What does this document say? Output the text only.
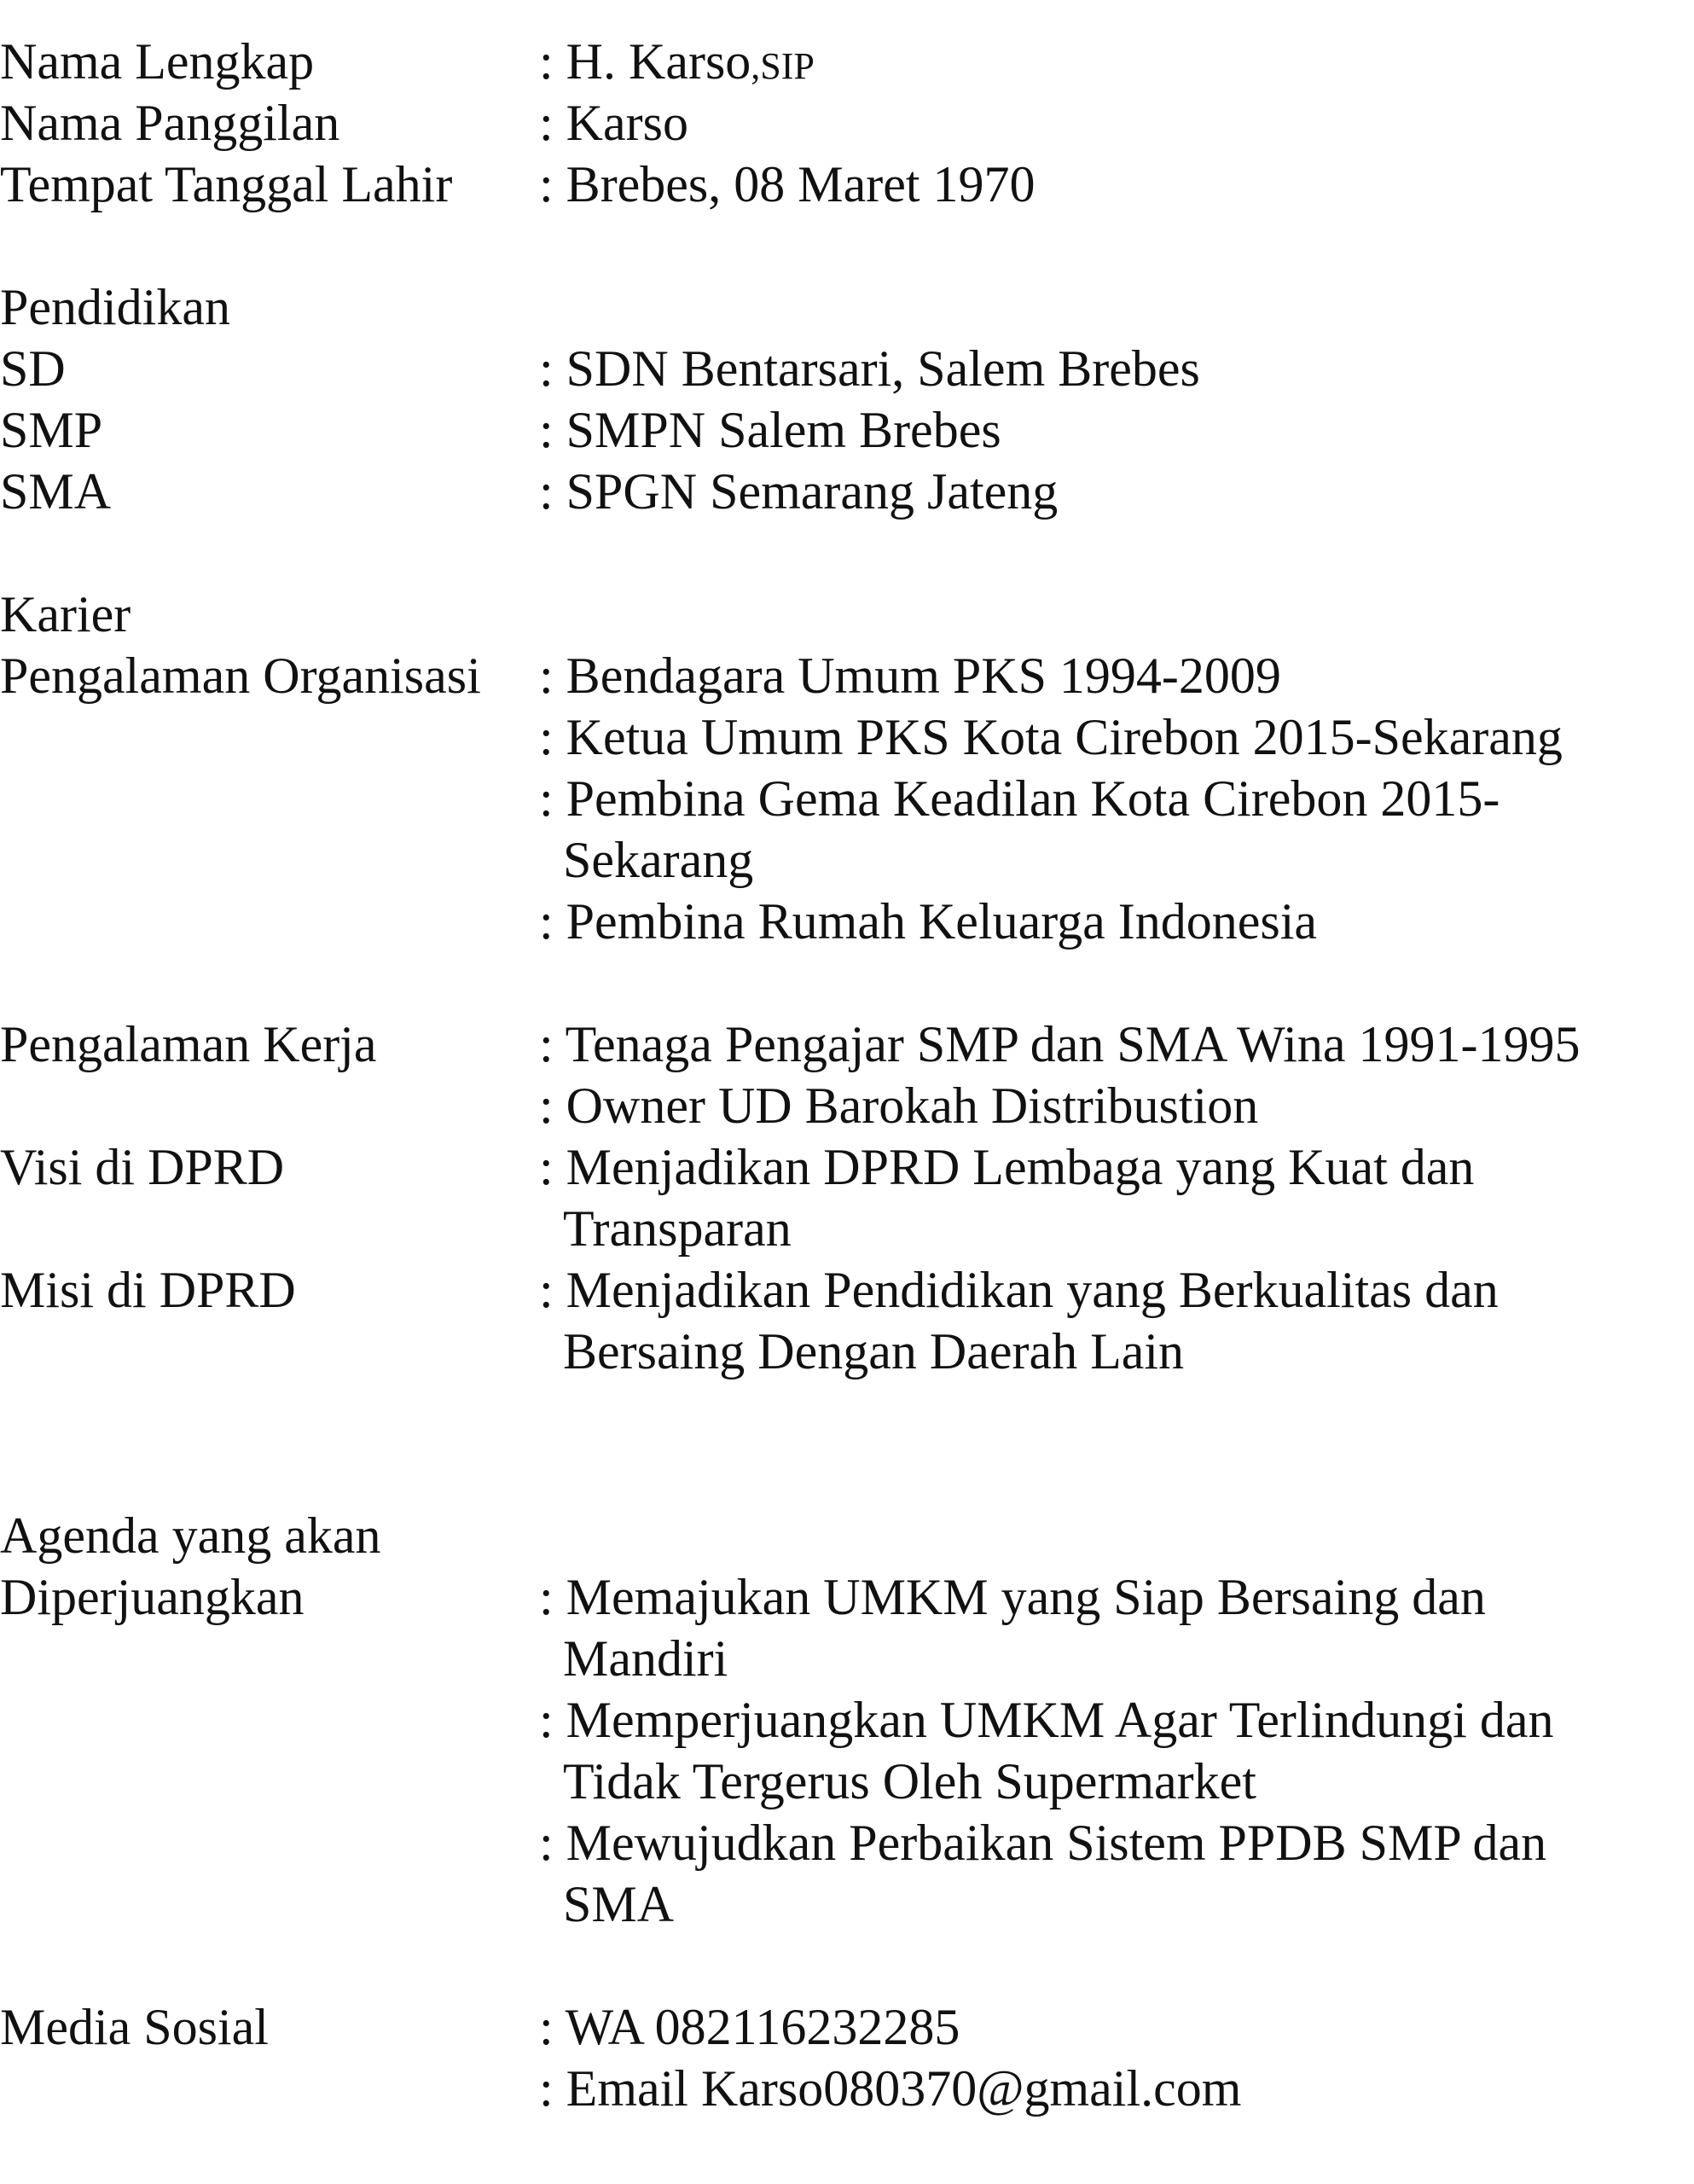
Nama Lengkap	: H. Karso,SIP
Nama Panggilan	: Karso
Tempat Tanggal Lahir : Brebes, 08 Maret 1970
Pendidikan
SD	: SDN Bentarsari, Salem Brebes
SMP	: SMPN Salem Brebes
SMA	: SPGN Semarang Jateng
Karier
Pengalaman Organisasi : Bendagara Umum PKS 1994-2009
: Ketua Umum PKS Kota Cirebon 2015-Sekarang
: Pembina Gema Keadilan Kota Cirebon 2015-
Sekarang
: Pembina Rumah Keluarga Indonesia
Pengalaman Kerja	: Tenaga Pengajar SMP dan SMA Wina 1991-1995
: Owner UD Barokah Distribustion
Visi di DPRD	: Menjadikan DPRD Lembaga yang Kuat dan
Transparan
Misi di DPRD	: Menjadikan Pendidikan yang Berkualitas dan
Bersaing Dengan Daerah Lain
Agenda yang akan
Diperjuangkan	: Memajukan UMKM yang Siap Bersaing dan
Mandiri
: Memperjuangkan UMKM Agar Terlindungi dan
Tidak Tergerus Oleh Supermarket
: Mewujudkan Perbaikan Sistem PPDB SMP dan
SMA
Media Sosial	: WA 082116232285
: Email Karso080370@gmail.com
